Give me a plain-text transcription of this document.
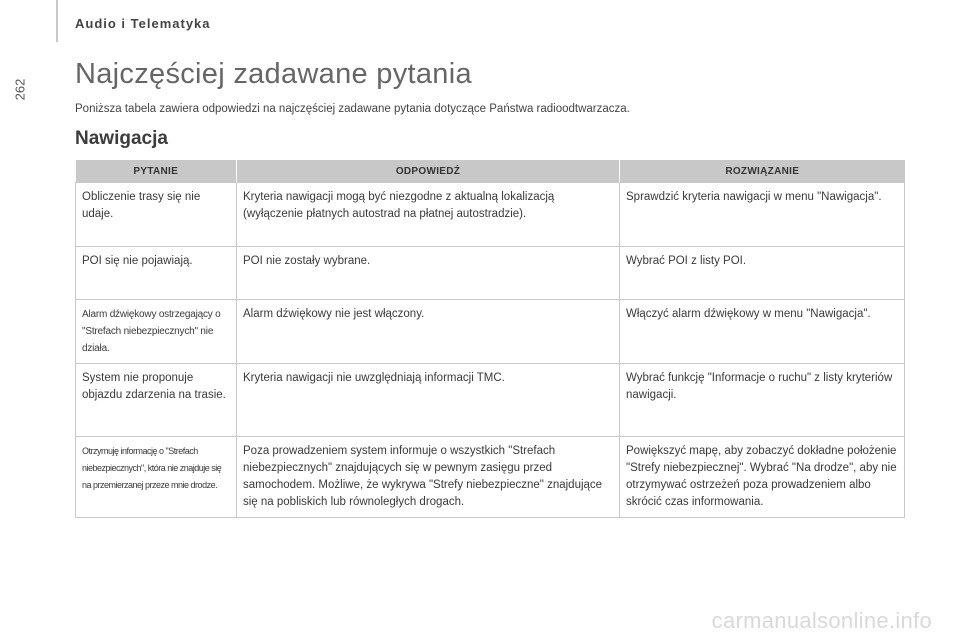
262
Audio i Telematyka
Najczęściej zadawane pytania

Poniższa tabela zawiera odpowiedzi na najczęściej zadawane pytania dotyczące Państwa radioodtwarzacza.

Nawigacja
PYTANIE	ODPOWIEDŹ	ROZWIĄZANIE
Obliczenie trasy się nie udaje.	Kryteria nawigacji mogą być niezgodne z aktualną lokalizacją (wyłączenie płatnych autostrad na płatnej autostradzie).	Sprawdzić kryteria nawigacji w menu "Nawigacja".
POI się nie pojawiają.	POI nie zostały wybrane.	Wybrać POI z listy POI.
Alarm dźwiękowy ostrzegający o "Strefach niebezpiecznych" nie działa.	Alarm dźwiękowy nie jest włączony.	Włączyć alarm dźwiękowy w menu "Nawigacja".
System nie proponuje objazdu zdarzenia na trasie.	Kryteria nawigacji nie uwzględniają informacji TMC.	Wybrać funkcję "Informacje o ruchu" z listy kryteriów nawigacji.
Otrzymuję informację o "Strefach niebezpiecznych", która nie znajduje się na przemierzanej przeze mnie drodze.	Poza prowadzeniem system informuje o wszystkich "Strefach niebezpiecznych" znajdujących się w pewnym zasięgu przed samochodem. Możliwe, że wykrywa "Strefy niebezpieczne" znajdujące się na pobliskich lub równoległych drogach.	Powiększyć mapę, aby zobaczyć dokładne położenie "Strefy niebezpiecznej". Wybrać "Na drodze", aby nie otrzymywać ostrzeżeń poza prowadzeniem albo skrócić czas informowania.
carmanualsonline.info
